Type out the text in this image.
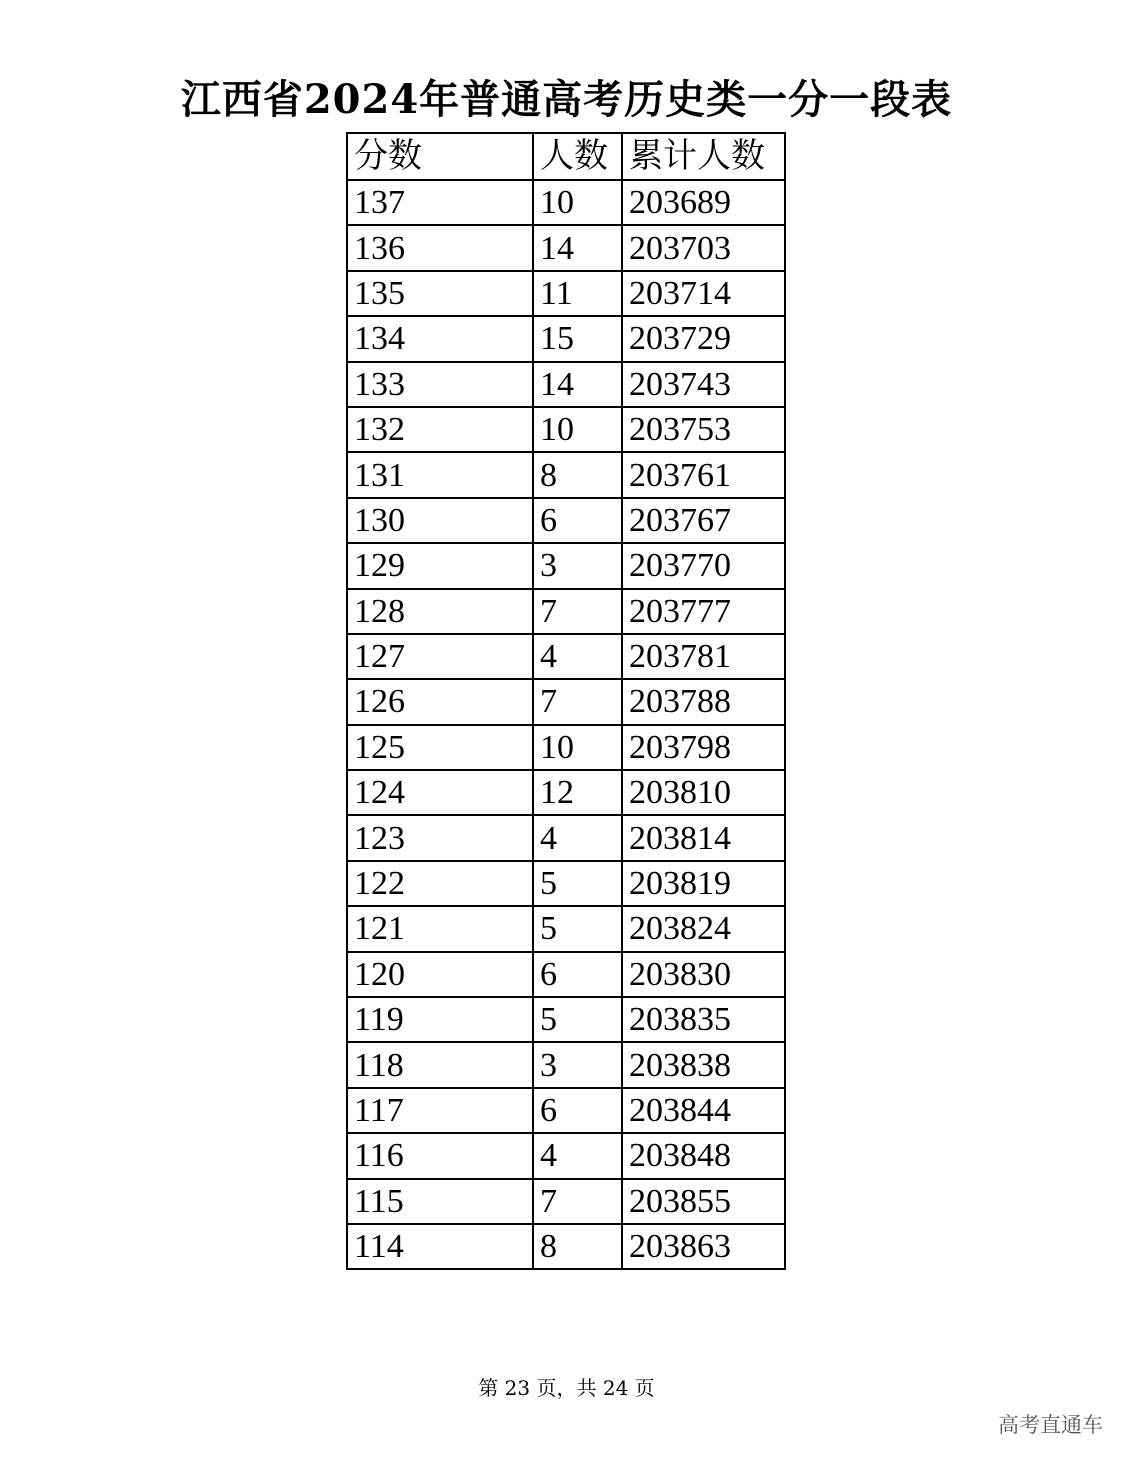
江西省2024年普通高考历史类一分一段表
分数	人数	累计人数
137	10	203689
136	14	203703
135	11	203714
134	15	203729
133	14	203743
132	10	203753
131	8	203761
130	6	203767
129	3	203770
128	7	203777
127	4	203781
126	7	203788
125	10	203798
124	12	203810
123	4	203814
122	5	203819
121	5	203824
120	6	203830
119	5	203835
118	3	203838
117	6	203844
116	4	203848
115	7	203855
114	8	203863
第 23 页，共 24 页
高考直通车
